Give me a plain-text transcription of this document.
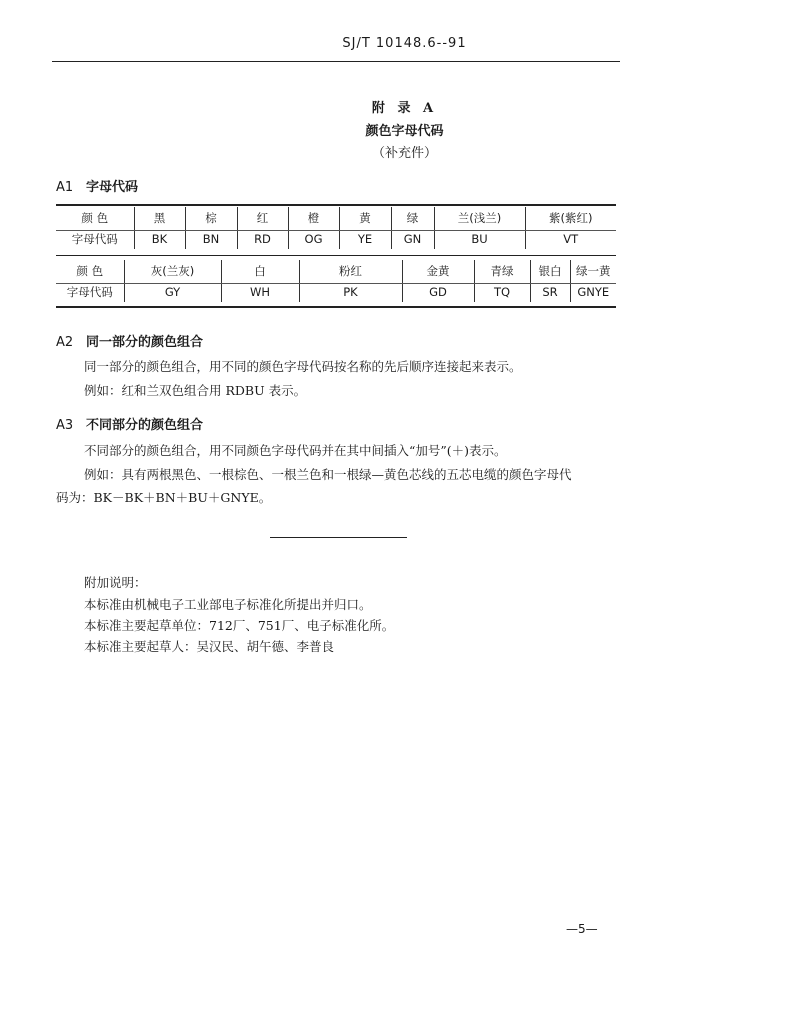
SJ/T 10148.6--91
附 录 A
颜色字母代码
（补充件）
A1 字母代码
颜 色	黑	棕	红	橙	黄	绿	兰(浅兰)	紫(紫红)
字母代码	BK	BN	RD	OG	YE	GN	BU	VT
颜 色	灰(兰灰)	白	粉红	金黄	青绿	银白	绿一黄
字母代码	GY	WH	PK	GD	TQ	SR	GNYE
A2 同一部分的颜色组合
同一部分的颜色组合，用不同的颜色字母代码按名称的先后顺序连接起来表示。
例如：红和兰双色组合用 RDBU 表示。
A3 不同部分的颜色组合
不同部分的颜色组合，用不同颜色字母代码并在其中间插入“加号”(＋)表示。
例如：具有两根黑色、一根棕色、一根兰色和一根绿—黄色芯线的五芯电缆的颜色字母代
码为：BK－BK＋BN＋BU＋GNYE。
附加说明：
本标准由机械电子工业部电子标准化所提出并归口。
本标准主要起草单位：712厂、751厂、电子标准化所。
本标准主要起草人：吴汉民、胡午德、李普良
—5—
